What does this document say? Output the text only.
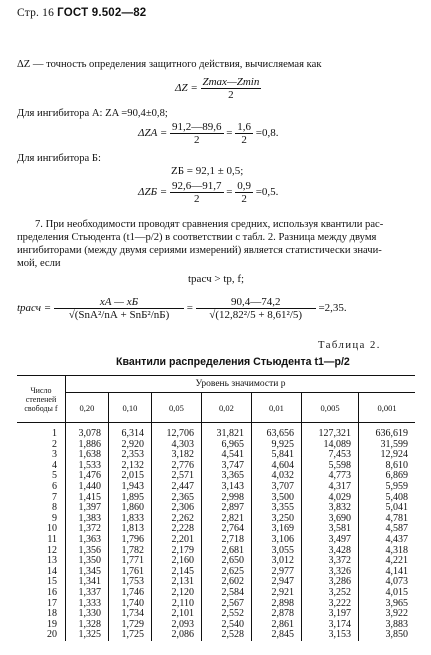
Стр. 16 ГОСТ 9.502—82
ΔZ — точность определения защитного действия, вычисляемая как
$\Delta Z = \frac{Zmax—Zmin}{2}$
Для ингибитора А: ZA =90,4±0,8;
$\Delta ZA = \frac{91,2—89,6}{2} = \frac{1,6}{2} =0,8$.
Для ингибитора Б:
ZБ = 92,1 ± 0,5;
$\Delta ZБ = \frac{92,6—91,7}{2} = \frac{0,9}{2} =0,5$.
7. При необходимости проводят сравнения средних, используя квантили рас-
пределения Стьюдента (t1—p/2) в соответствии с табл. 2. Разница между двумя
ингибиторами (между двумя сериями измерений) является статистически значи-
мой, если
tрасч > tp, f;
tрасч = $\frac{xА — xБ}{\text{√(SnА²/nА + SnБ²/nБ)}} = \frac{90,4—74,2}{\text{√(12,82²/5 + 8,61²/5)}} =2,35$.
Таблица 2.
Квантили распределения Стьюдента t1—p/2
Число степеней свободы f	Уровень значимости p						
	0,20	0,10	0,05	0,02	0,01	0,005	0,001
1	3,078	6,314	12,706	31,821	63,656	127,321	636,619
2	1,886	2,920	4,303	6,965	9,925	14,089	31,599
3	1,638	2,353	3,182	4,541	5,841	7,453	12,924
4	1,533	2,132	2,776	3,747	4,604	5,598	8,610
5	1,476	2,015	2,571	3,365	4,032	4,773	6,869
6	1,440	1,943	2,447	3,143	3,707	4,317	5,959
7	1,415	1,895	2,365	2,998	3,500	4,029	5,408
8	1,397	1,860	2,306	2,897	3,355	3,832	5,041
9	1,383	1,833	2,262	2,821	3,250	3,690	4,781
10	1,372	1,813	2,228	2,764	3,169	3,581	4,587
11	1,363	1,796	2,201	2,718	3,106	3,497	4,437
12	1,356	1,782	2,179	2,681	3,055	3,428	4,318
13	1,350	1,771	2,160	2,650	3,012	3,372	4,221
14	1,345	1,761	2,145	2,625	2,977	3,326	4,141
15	1,341	1,753	2,131	2,602	2,947	3,286	4,073
16	1,337	1,746	2,120	2,584	2,921	3,252	4,015
17	1,333	1,740	2,110	2,567	2,898	3,222	3,965
18	1,330	1,734	2,101	2,552	2,878	3,197	3,922
19	1,328	1,729	2,093	2,540	2,861	3,174	3,883
20	1,325	1,725	2,086	2,528	2,845	3,153	3,850
